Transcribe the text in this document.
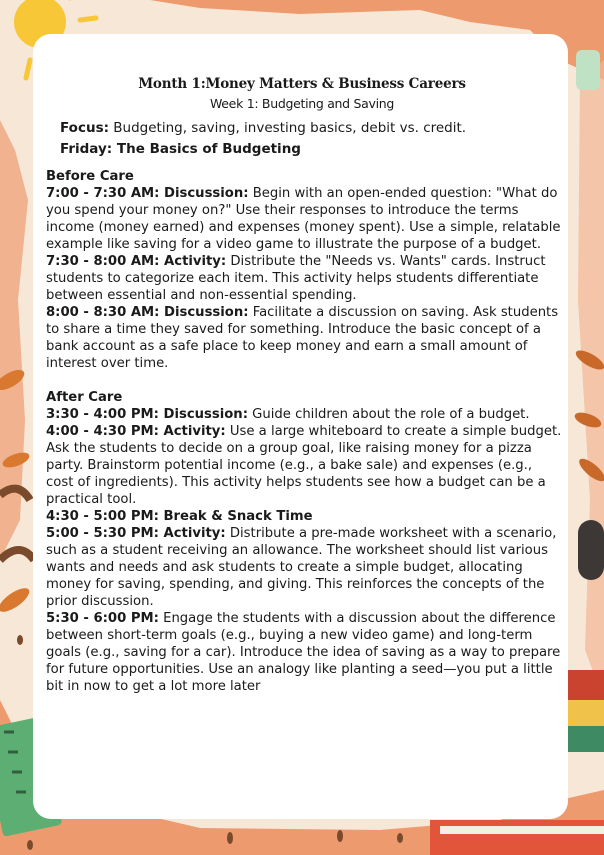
Month 1:Money Matters & Business Careers
Week 1: Budgeting and Saving
Focus: Budgeting, saving, investing basics, debit vs. credit.
Friday: The Basics of Budgeting

Before Care

7:00 - 7:30 AM: Discussion: Begin with an open-ended question: "What do you spend your money on?" Use their responses to introduce the terms income (money earned) and expenses (money spent). Use a simple, relatable example like saving for a video game to illustrate the purpose of a budget.

7:30 - 8:00 AM: Activity: Distribute the "Needs vs. Wants" cards. Instruct students to categorize each item. This activity helps students differentiate between essential and non-essential spending.

8:00 - 8:30 AM: Discussion: Facilitate a discussion on saving. Ask students to share a time they saved for something. Introduce the basic concept of a bank account as a safe place to keep money and earn a small amount of interest over time.

After Care

3:30 - 4:00 PM: Discussion: Guide children about the role of a budget.

4:00 - 4:30 PM: Activity: Use a large whiteboard to create a simple budget. Ask the students to decide on a group goal, like raising money for a pizza party. Brainstorm potential income (e.g., a bake sale) and expenses (e.g., cost of ingredients). This activity helps students see how a budget can be a practical tool.

4:30 - 5:00 PM: Break & Snack Time

5:00 - 5:30 PM: Activity: Distribute a pre-made worksheet with a scenario, such as a student receiving an allowance. The worksheet should list various wants and needs and ask students to create a simple budget, allocating money for saving, spending, and giving. This reinforces the concepts of the prior discussion.

5:30 - 6:00 PM: Engage the students with a discussion about the difference between short-term goals (e.g., buying a new video game) and long-term goals (e.g., saving for a car). Introduce the idea of saving as a way to prepare for future opportunities. Use an analogy like planting a seed—you put a little bit in now to get a lot more later
